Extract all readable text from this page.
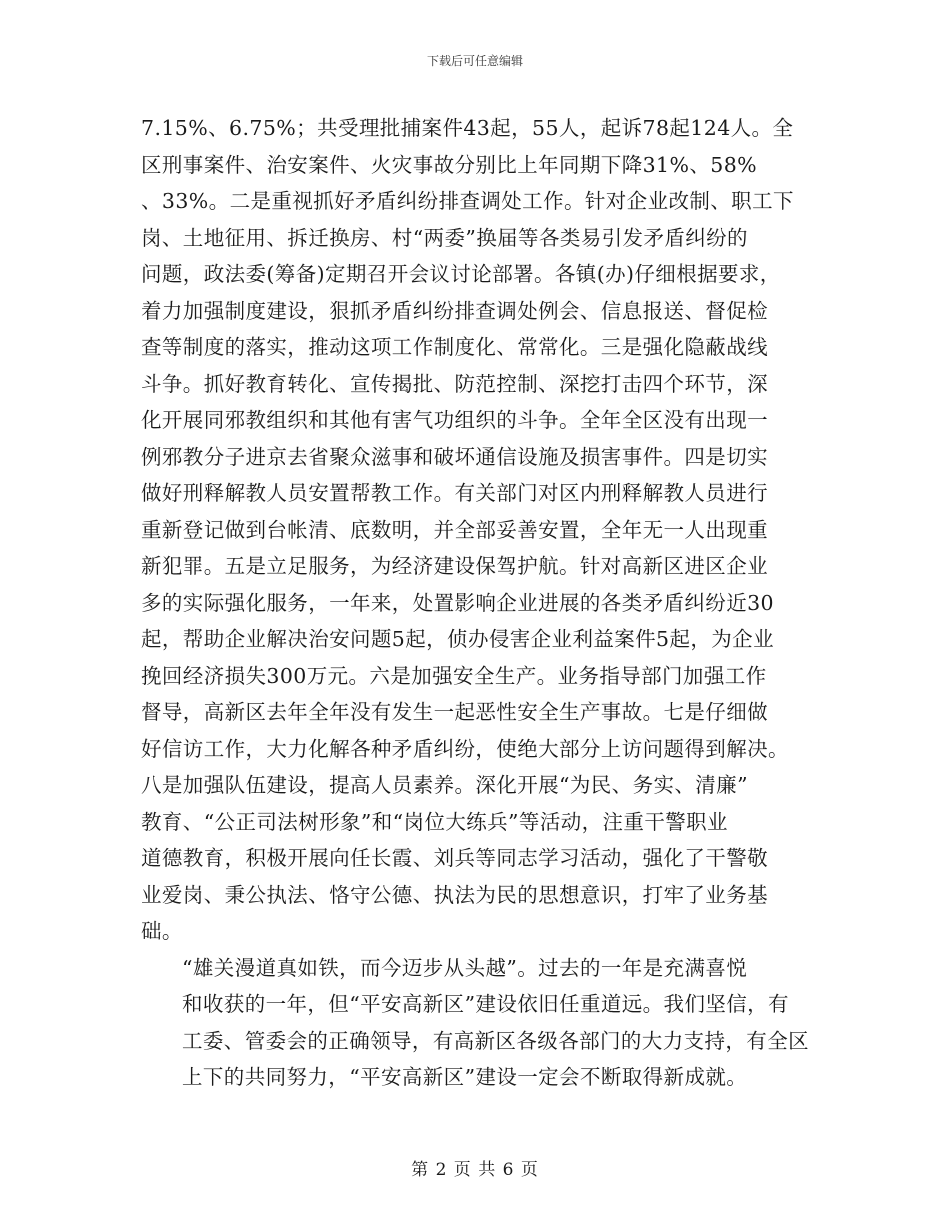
下载后可任意编辑
7.15%、6.75%；共受理批捕案件43起，55人，起诉78起124人。全
区刑事案件、治安案件、火灾事故分别比上年同期下降31%、58%
、33%。二是重视抓好矛盾纠纷排查调处工作。针对企业改制、职工下
岗、土地征用、拆迁换房、村“两委”换届等各类易引发矛盾纠纷的
问题，政法委(筹备)定期召开会议讨论部署。各镇(办)仔细根据要求，
着力加强制度建设，狠抓矛盾纠纷排查调处例会、信息报送、督促检
查等制度的落实，推动这项工作制度化、常常化。三是强化隐蔽战线
斗争。抓好教育转化、宣传揭批、防范控制、深挖打击四个环节，深
化开展同邪教组织和其他有害气功组织的斗争。全年全区没有出现一
例邪教分子进京去省聚众滋事和破坏通信设施及损害事件。四是切实
做好刑释解教人员安置帮教工作。有关部门对区内刑释解教人员进行
重新登记做到台帐清、底数明，并全部妥善安置，全年无一人出现重
新犯罪。五是立足服务，为经济建设保驾护航。针对高新区进区企业
多的实际强化服务，一年来，处置影响企业进展的各类矛盾纠纷近30
起，帮助企业解决治安问题5起，侦办侵害企业利益案件5起，为企业
挽回经济损失300万元。六是加强安全生产。业务指导部门加强工作
督导，高新区去年全年没有发生一起恶性安全生产事故。七是仔细做
好信访工作，大力化解各种矛盾纠纷，使绝大部分上访问题得到解决。
八是加强队伍建设，提高人员素养。深化开展“为民、务实、清廉”
教育、“公正司法树形象”和“岗位大练兵”等活动，注重干警职业
道德教育，积极开展向任长霞、刘兵等同志学习活动，强化了干警敬
业爱岗、秉公执法、恪守公德、执法为民的思想意识，打牢了业务基
础。
“雄关漫道真如铁，而今迈步从头越”。过去的一年是充满喜悦
和收获的一年，但“平安高新区”建设依旧任重道远。我们坚信，有
工委、管委会的正确领导，有高新区各级各部门的大力支持，有全区
上下的共同努力，“平安高新区”建设一定会不断取得新成就。
第 2 页 共 6 页
